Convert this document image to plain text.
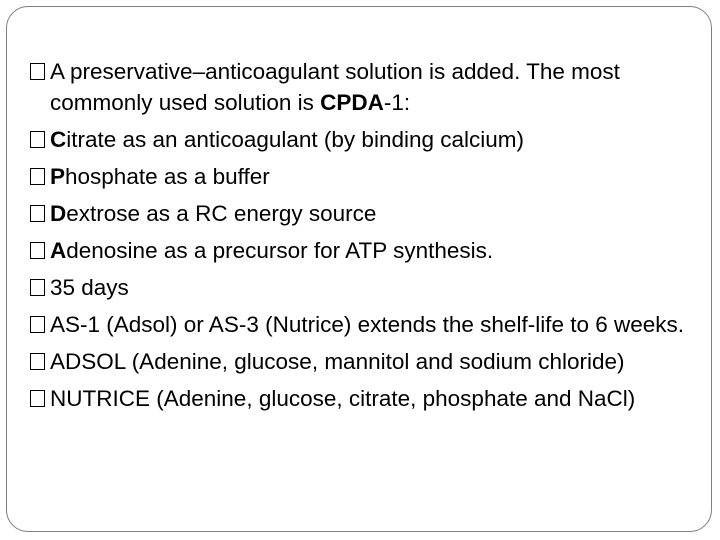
A preservative–anticoagulant solution is added. The most commonly used solution is CPDA-1:
Citrate as an anticoagulant (by binding calcium)
Phosphate as a buffer
Dextrose as a RC energy source
Adenosine as a precursor for ATP synthesis.
35 days
AS-1 (Adsol) or AS-3 (Nutrice) extends the shelf-life to 6 weeks.
ADSOL (Adenine, glucose, mannitol and sodium chloride)
NUTRICE (Adenine, glucose, citrate, phosphate and NaCl)
